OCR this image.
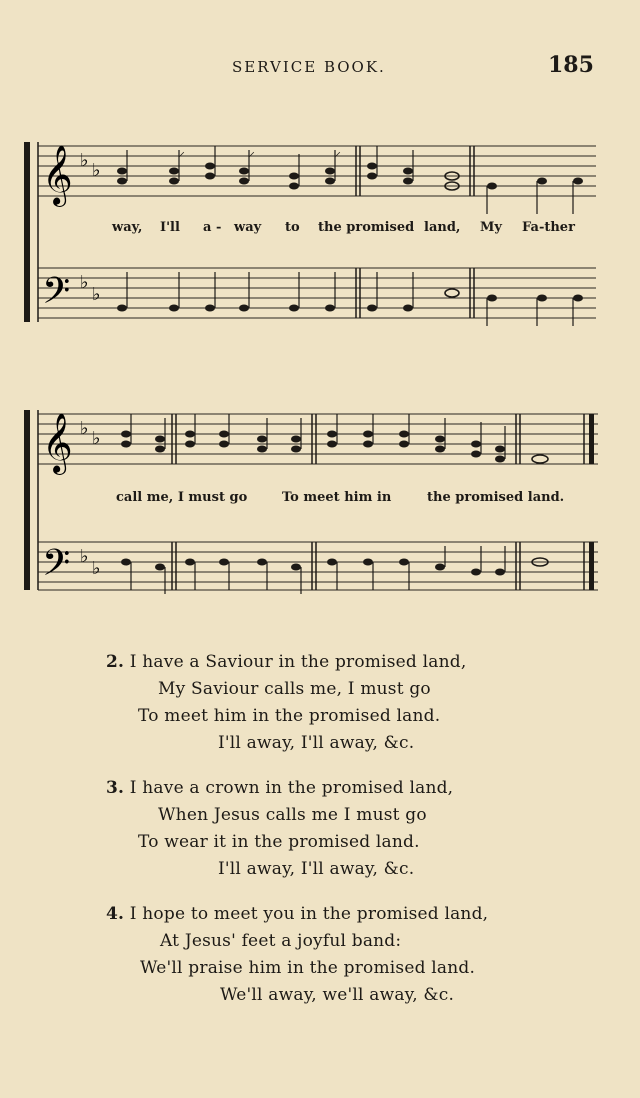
SERVICE BOOK.	185
𝄞
𝄢
♭ ♭
♭
♭
⸝	⸝	⸝
way, I'll a - way to the promised land, My Fa-ther
𝄞
𝄢
♭ ♭
♭
♭
call me, I must go	To meet him in	the promised land.
2. I have a Saviour in the promised land,
My Saviour calls me, I must go
To meet him in the promised land.
I'll away, I'll away, &c.
3. I have a crown in the promised land,
When Jesus calls me I must go
To wear it in the promised land.
I'll away, I'll away, &c.
4. I hope to meet you in the promised land,
At Jesus' feet a joyful band:
We'll praise him in the promised land.
We'll away, we'll away, &c.
